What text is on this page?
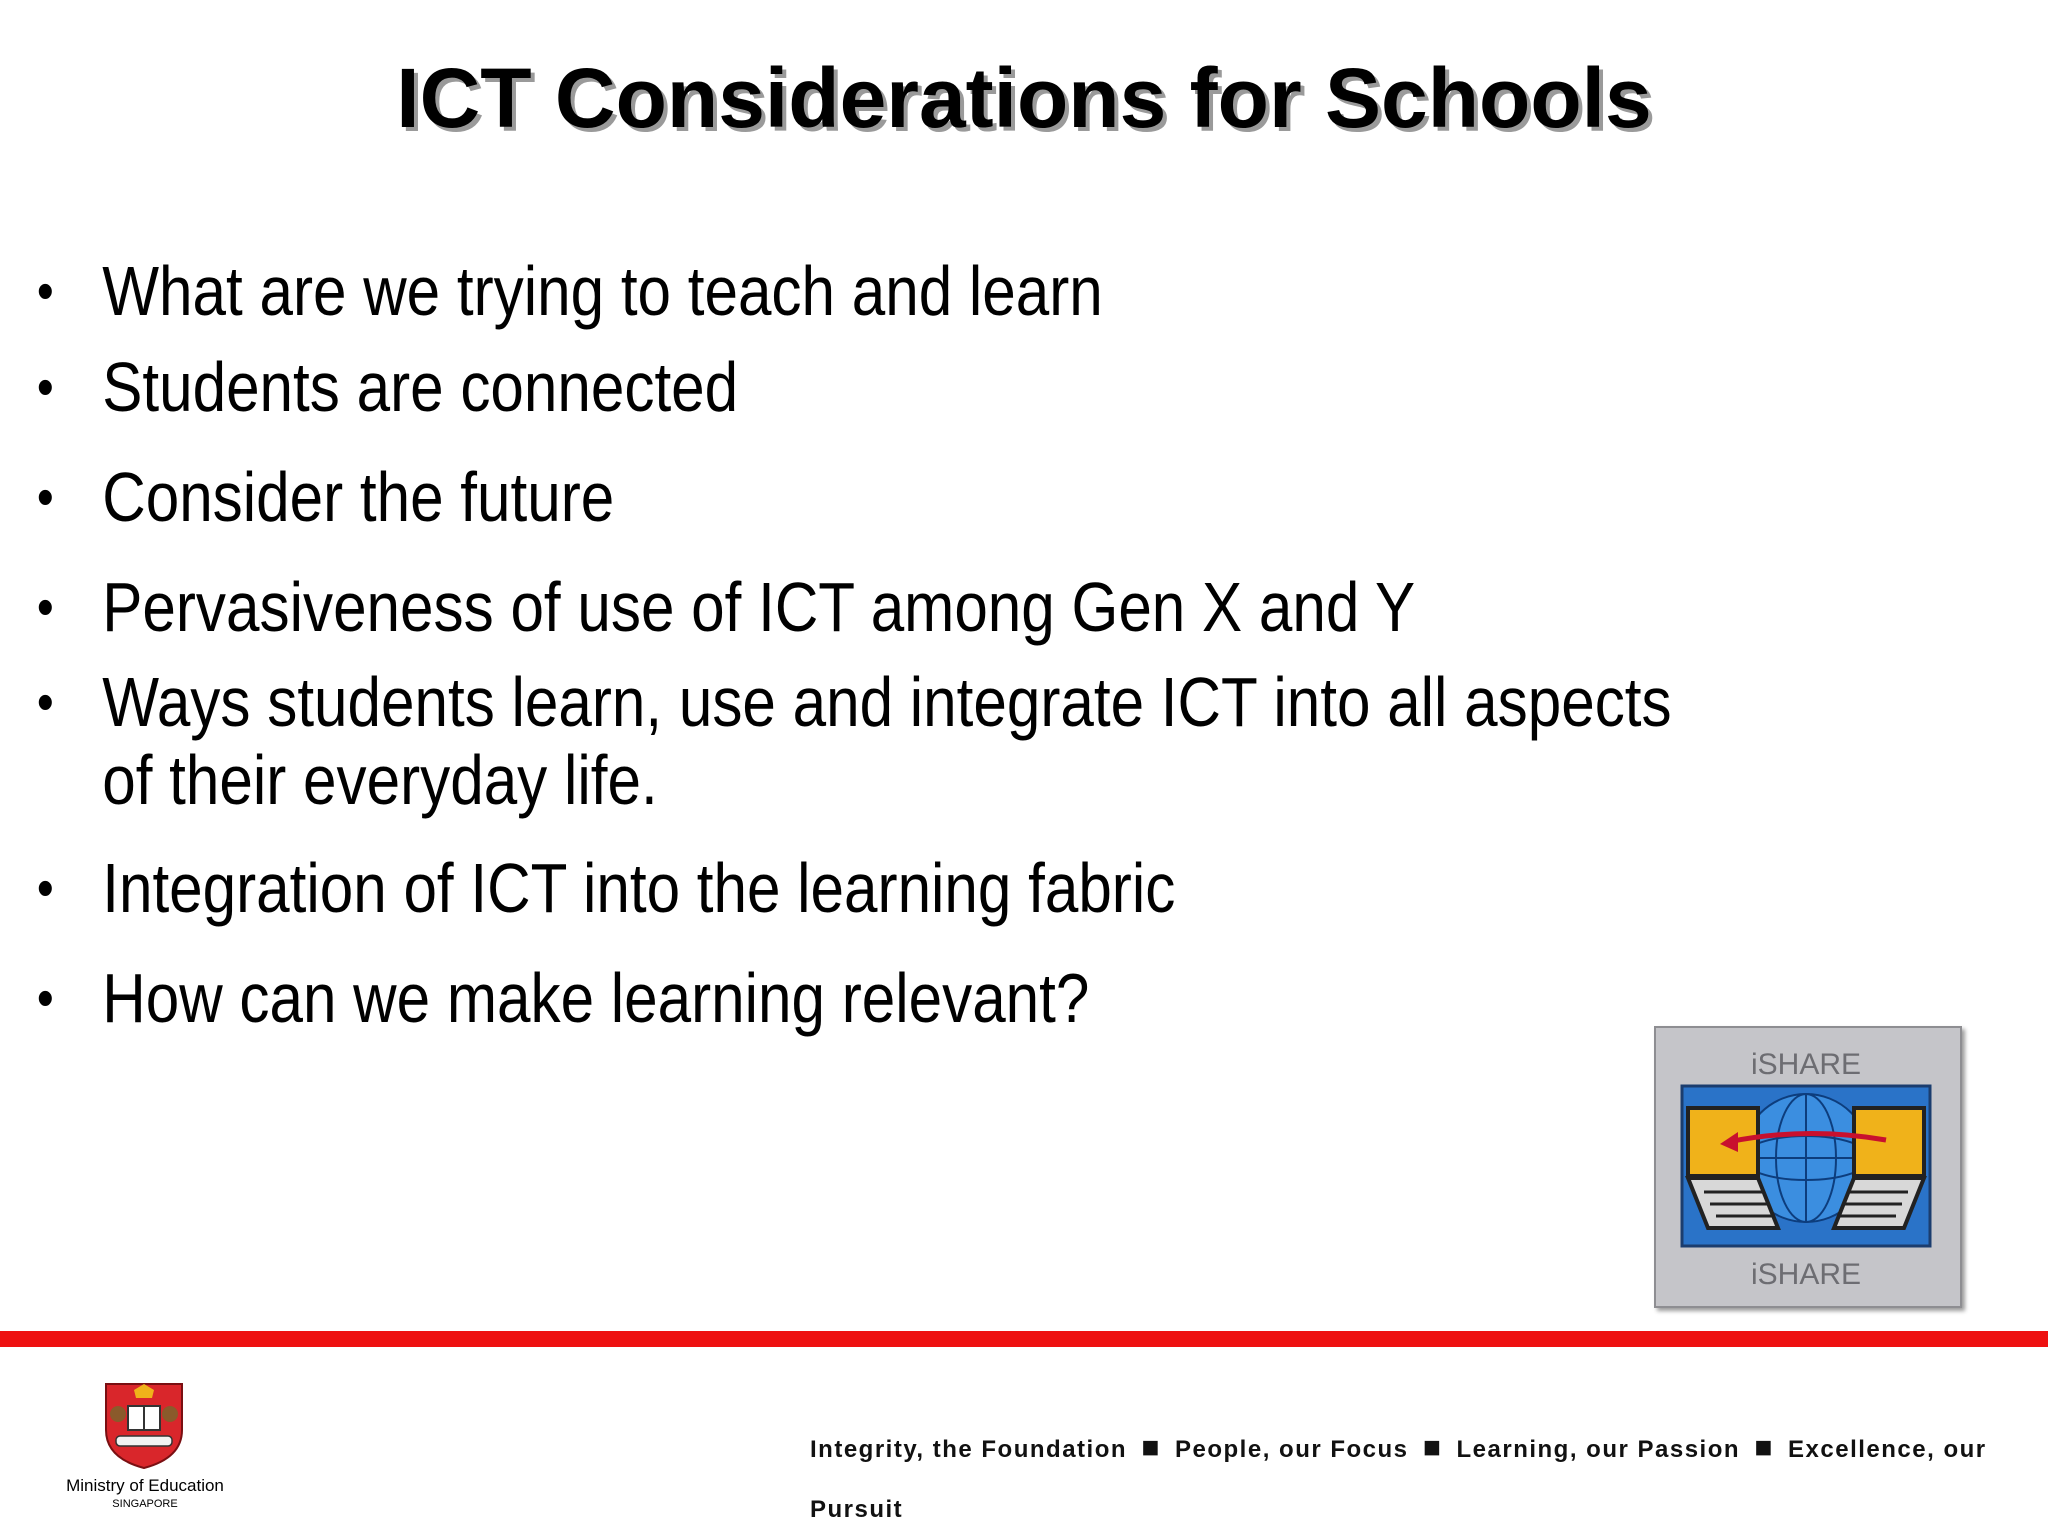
ICT Considerations for Schools
• What are we trying to teach and learn
• Students are connected
• Consider the future
• Pervasiveness of use of ICT among Gen X and Y
• Ways students learn, use and integrate ICT into all aspects of their everyday life.
• Integration of ICT into the learning fabric
• How can we make learning relevant?
iSHARE
iSHARE
Ministry of Education
SINGAPORE
Integrity, the Foundation ■ People, our Focus ■ Learning, our Passion ■ Excellence, our Pursuit
